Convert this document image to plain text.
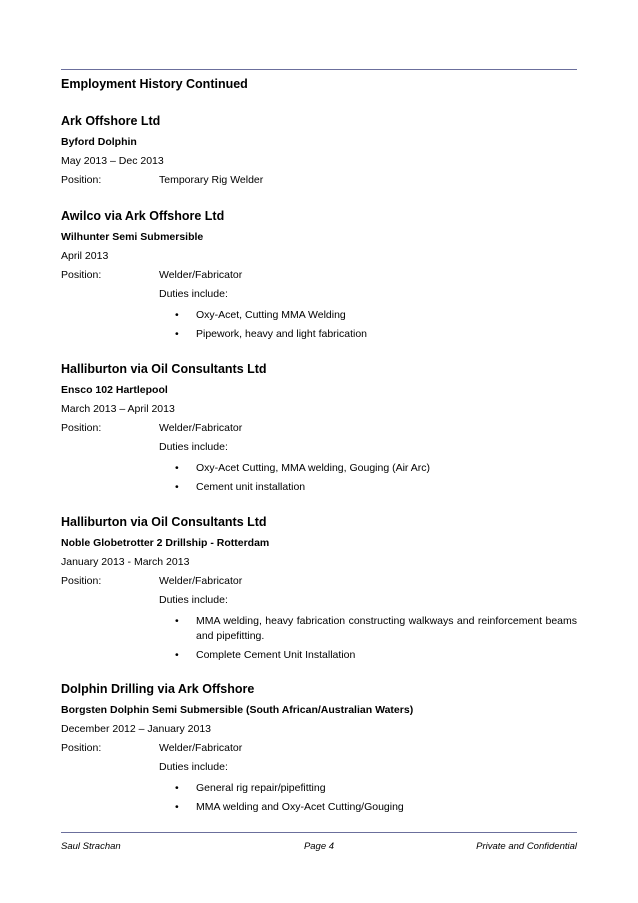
Employment History Continued
Ark Offshore Ltd
Byford Dolphin
May 2013 – Dec 2013
Position:	Temporary Rig Welder
Awilco via Ark Offshore Ltd
Wilhunter Semi Submersible
April 2013
Position:	Welder/Fabricator
Duties include:
• Oxy-Acet, Cutting MMA Welding
• Pipework, heavy and light fabrication
Halliburton via Oil Consultants Ltd
Ensco 102 Hartlepool
March 2013 – April 2013
Position:	Welder/Fabricator
Duties include:
• Oxy-Acet Cutting, MMA welding, Gouging (Air Arc)
• Cement unit installation
Halliburton via Oil Consultants Ltd
Noble Globetrotter 2 Drillship - Rotterdam
January 2013 - March 2013
Position:	Welder/Fabricator
Duties include:
• MMA welding, heavy fabrication constructing walkways and reinforcement beams and pipefitting.
• Complete Cement Unit Installation
Dolphin Drilling via Ark Offshore
Borgsten Dolphin Semi Submersible (South African/Australian Waters)
December 2012 – January 2013
Position:	Welder/Fabricator
Duties include:
• General rig repair/pipefitting
• MMA welding and Oxy-Acet Cutting/Gouging
Saul Strachan	Page 4	Private and Confidential
